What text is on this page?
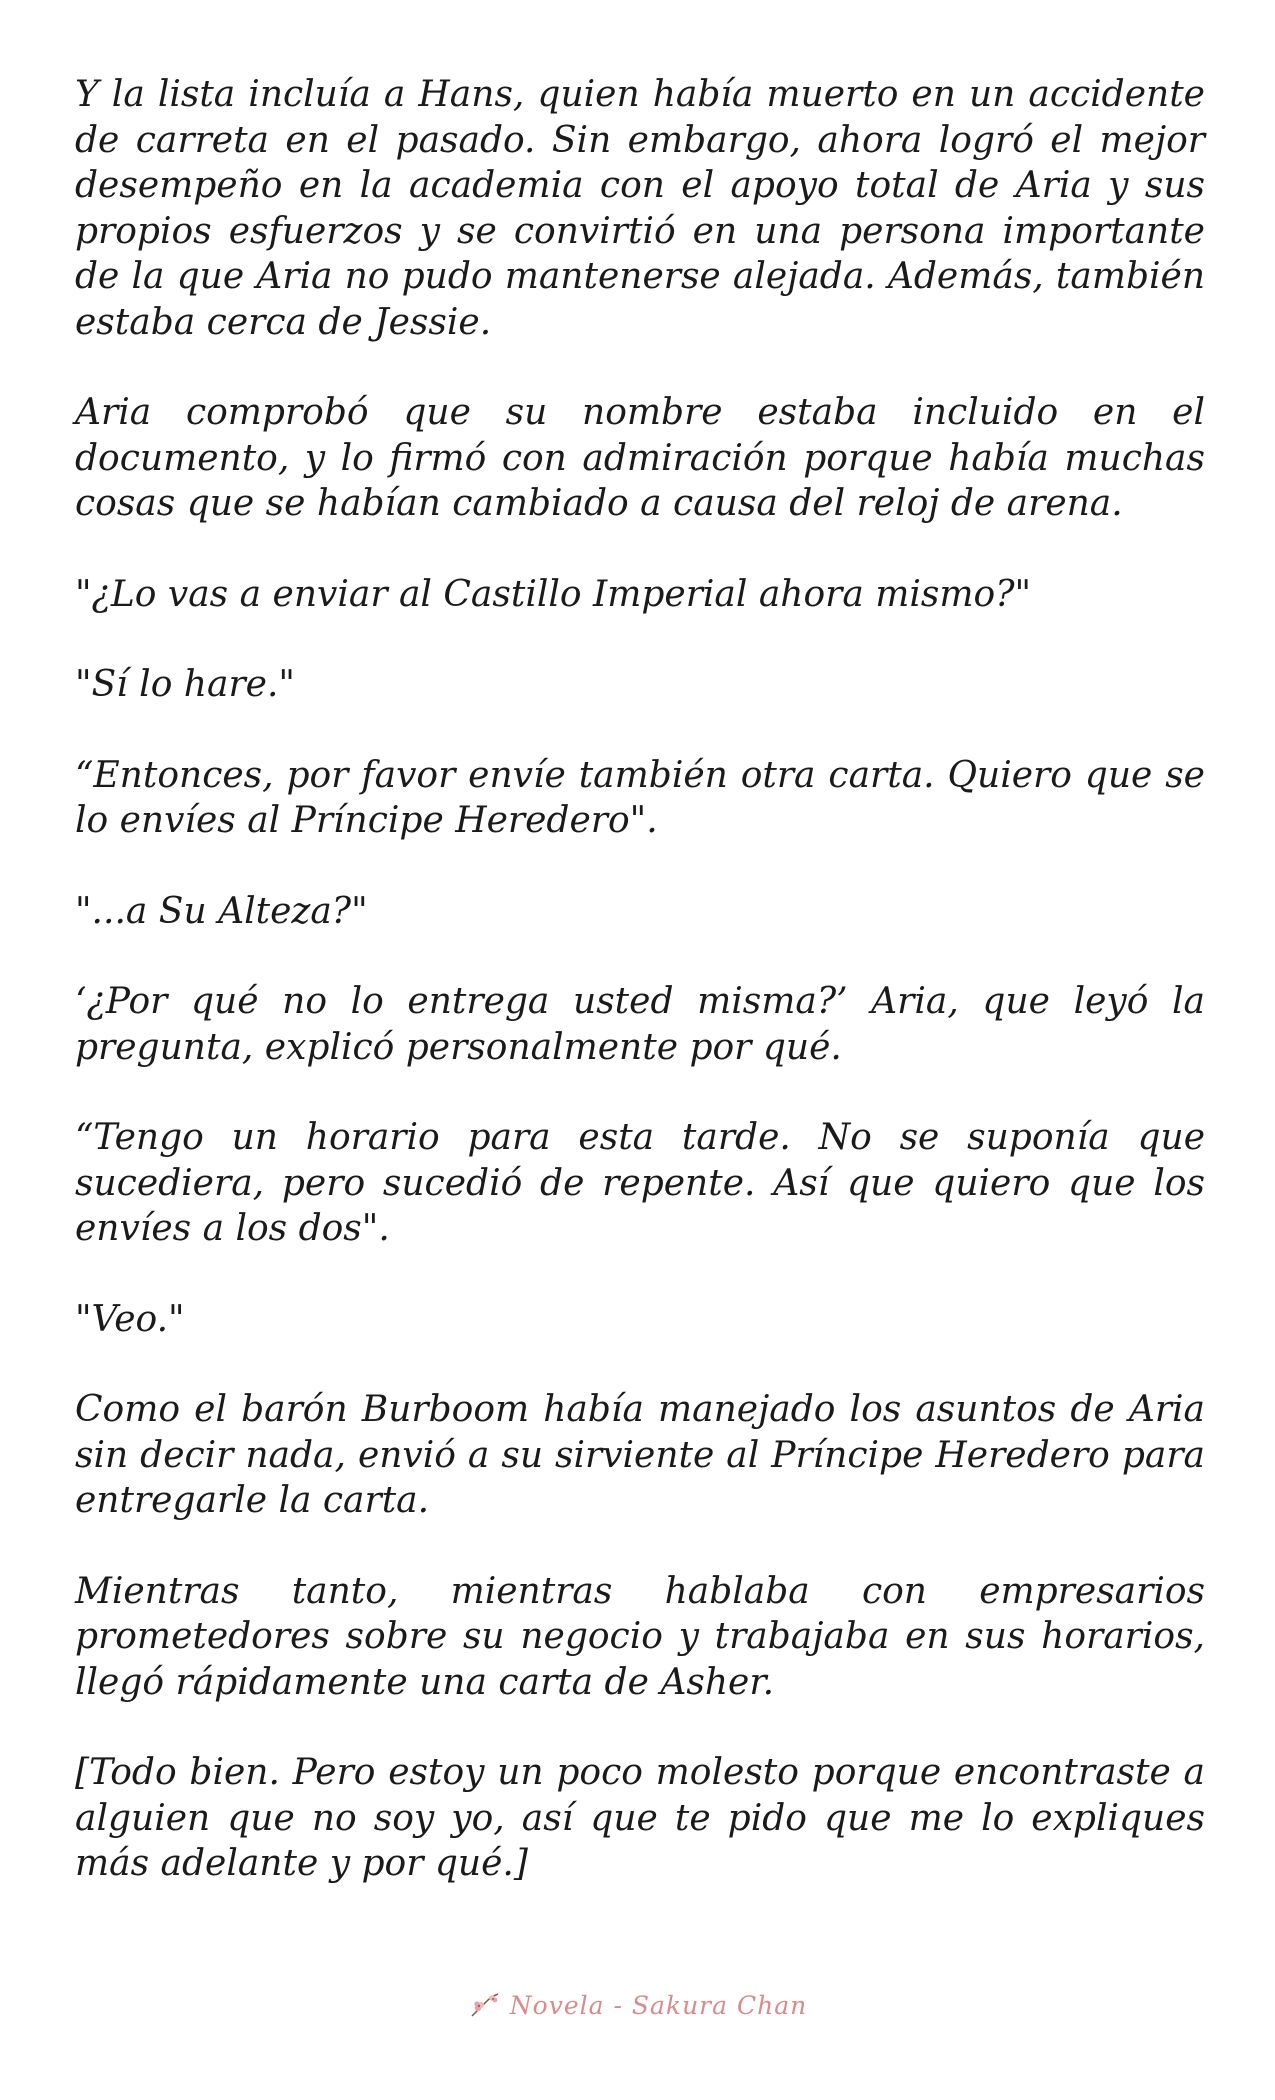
Y la lista incluía a Hans, quien había muerto en un accidente de carreta en el pasado. Sin embargo, ahora logró el mejor desempeño en la academia con el apoyo total de Aria y sus propios esfuerzos y se convirtió en una persona importante de la que Aria no pudo mantenerse alejada. Además, también estaba cerca de Jessie.

Aria comprobó que su nombre estaba incluido en el documento, y lo firmó con admiración porque había muchas cosas que se habían cambiado a causa del reloj de arena.

"¿Lo vas a enviar al Castillo Imperial ahora mismo?"

"Sí lo hare."

“Entonces, por favor envíe también otra carta. Quiero que se lo envíes al Príncipe Heredero".

"...a Su Alteza?"

‘¿Por qué no lo entrega usted misma?’ Aria, que leyó la pregunta, explicó personalmente por qué.

“Tengo un horario para esta tarde. No se suponía que sucediera, pero sucedió de repente. Así que quiero que los envíes a los dos".

"Veo."

Como el barón Burboom había manejado los asuntos de Aria sin decir nada, envió a su sirviente al Príncipe Heredero para entregarle la carta.

Mientras tanto, mientras hablaba con empresarios prometedores sobre su negocio y trabajaba en sus horarios, llegó rápidamente una carta de Asher.

[Todo bien. Pero estoy un poco molesto porque encontraste a alguien que no soy yo, así que te pido que me lo expliques más adelante y por qué.]

Novela - Sakura Chan
